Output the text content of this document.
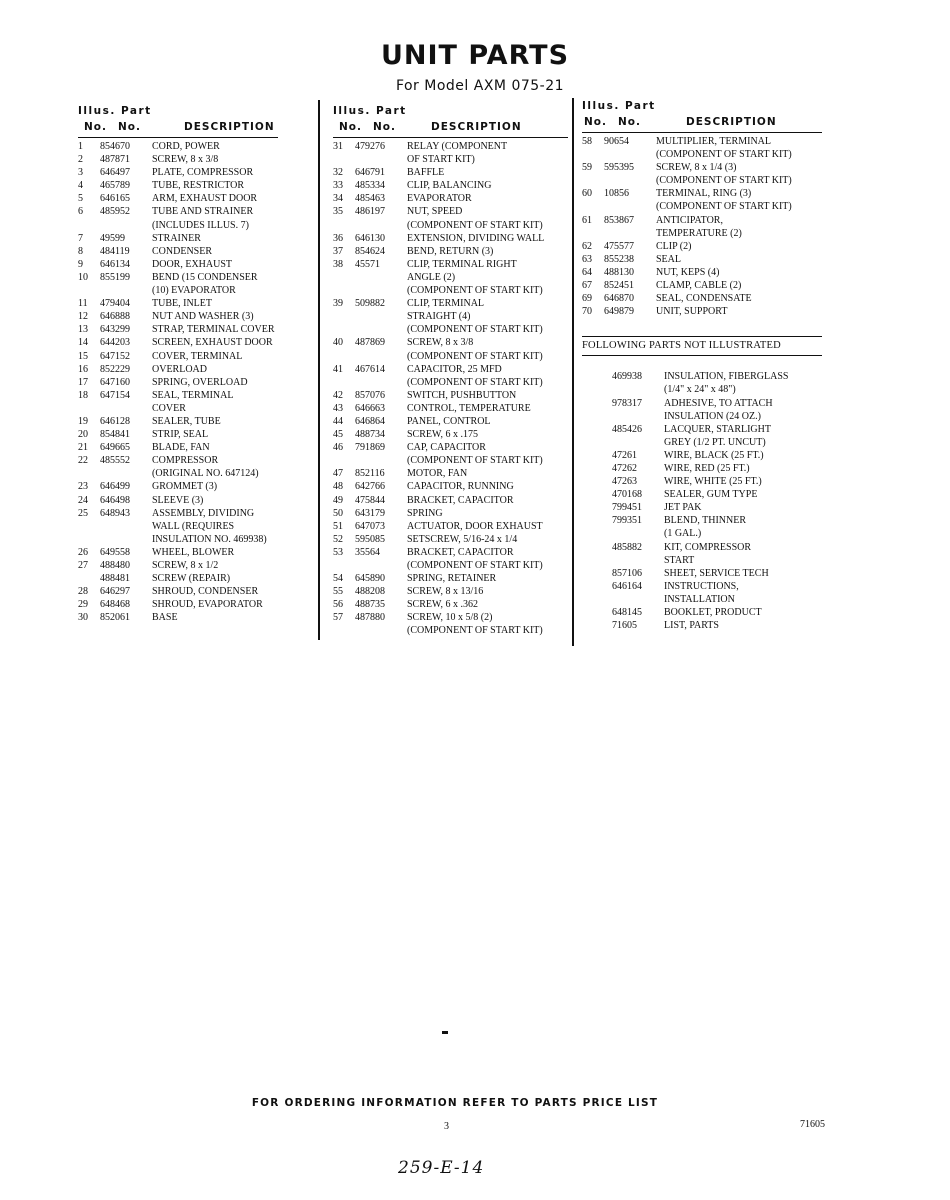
UNIT PARTS
For Model AXM 075-21
Illus. Part
No. No.	DESCRIPTION
1	854670	CORD, POWER
2	487871	SCREW, 8 x 3/8
3	646497	PLATE, COMPRESSOR
4	465789	TUBE, RESTRICTOR
5	646165	ARM, EXHAUST DOOR
6	485952	TUBE AND STRAINER
(INCLUDES ILLUS. 7)
7	49599	STRAINER
8	484119	CONDENSER
9	646134	DOOR, EXHAUST
10	855199	BEND (15 CONDENSER
(10) EVAPORATOR
11	479404	TUBE, INLET
12	646888	NUT AND WASHER (3)
13	643299	STRAP, TERMINAL COVER
14	644203	SCREEN, EXHAUST DOOR
15	647152	COVER, TERMINAL
16	852229	OVERLOAD
17	647160	SPRING, OVERLOAD
18	647154	SEAL, TERMINAL
COVER
19	646128	SEALER, TUBE
20	854841	STRIP, SEAL
21	649665	BLADE, FAN
22	485552	COMPRESSOR
(ORIGINAL NO. 647124)
23	646499	GROMMET (3)
24	646498	SLEEVE (3)
25	648943	ASSEMBLY, DIVIDING
WALL (REQUIRES
INSULATION NO. 469938)
26	649558	WHEEL, BLOWER
27	488480	SCREW, 8 x 1/2
488481	SCREW (REPAIR)
28	646297	SHROUD, CONDENSER
29	648468	SHROUD, EVAPORATOR
30	852061	BASE
Illus. Part
No. No.	DESCRIPTION
31	479276	RELAY (COMPONENT
OF START KIT)
32	646791	BAFFLE
33	485334	CLIP, BALANCING
34	485463	EVAPORATOR
35	486197	NUT, SPEED
(COMPONENT OF START KIT)
36	646130	EXTENSION, DIVIDING WALL
37	854624	BEND, RETURN (3)
38	45571	CLIP, TERMINAL RIGHT
ANGLE (2)
(COMPONENT OF START KIT)
39	509882	CLIP, TERMINAL
STRAIGHT (4)
(COMPONENT OF START KIT)
40	487869	SCREW, 8 x 3/8
(COMPONENT OF START KIT)
41	467614	CAPACITOR, 25 MFD
(COMPONENT OF START KIT)
42	857076	SWITCH, PUSHBUTTON
43	646663	CONTROL, TEMPERATURE
44	646864	PANEL, CONTROL
45	488734	SCREW, 6 x .175
46	791869	CAP, CAPACITOR
(COMPONENT OF START KIT)
47	852116	MOTOR, FAN
48	642766	CAPACITOR, RUNNING
49	475844	BRACKET, CAPACITOR
50	643179	SPRING
51	647073	ACTUATOR, DOOR EXHAUST
52	595085	SETSCREW, 5/16-24 x 1/4
53	35564	BRACKET, CAPACITOR
(COMPONENT OF START KIT)
54	645890	SPRING, RETAINER
55	488208	SCREW, 8 x 13/16
56	488735	SCREW, 6 x .362
57	487880	SCREW, 10 x 5/8 (2)
(COMPONENT OF START KIT)
Illus. Part
No. No.	DESCRIPTION
58	90654	MULTIPLIER, TERMINAL
(COMPONENT OF START KIT)
59	595395	SCREW, 8 x 1/4 (3)
(COMPONENT OF START KIT)
60	10856	TERMINAL, RING (3)
(COMPONENT OF START KIT)
61	853867	ANTICIPATOR,
TEMPERATURE (2)
62	475577	CLIP (2)
63	855238	SEAL
64	488130	NUT, KEPS (4)
67	852451	CLAMP, CABLE (2)
69	646870	SEAL, CONDENSATE
70	649879	UNIT, SUPPORT
FOLLOWING PARTS NOT ILLUSTRATED
469938	INSULATION, FIBERGLASS
(1/4" x 24" x 48")
978317	ADHESIVE, TO ATTACH
INSULATION (24 OZ.)
485426	LACQUER, STARLIGHT
GREY (1/2 PT. UNCUT)
47261	WIRE, BLACK (25 FT.)
47262	WIRE, RED (25 FT.)
47263	WIRE, WHITE (25 FT.)
470168	SEALER, GUM TYPE
799451	JET PAK
799351	BLEND, THINNER
(1 GAL.)
485882	KIT, COMPRESSOR
START
857106	SHEET, SERVICE TECH
646164	INSTRUCTIONS,
INSTALLATION
648145	BOOKLET, PRODUCT
71605	LIST, PARTS
FOR ORDERING INFORMATION REFER TO PARTS PRICE LIST
3	71605
259-E-14
